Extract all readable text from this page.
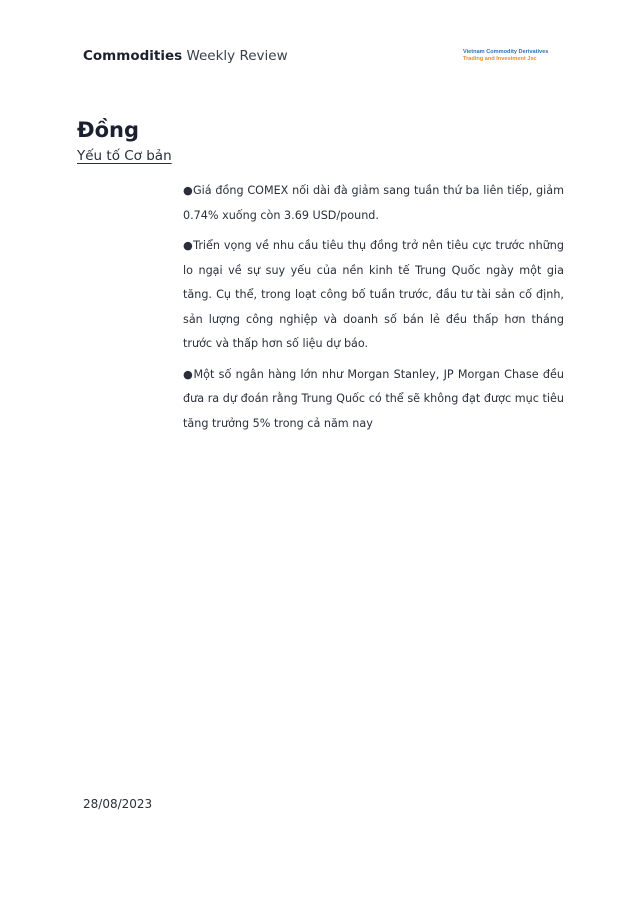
Commodities Weekly Review	Vietnam Commodity Derivatives
Trading and Investment Jsc
Đồng
Yếu tố Cơ bản

●Giá đồng COMEX nối dài đà giảm sang tuần thứ ba liên tiếp, giảm 0.74% xuống còn 3.69 USD/pound.

●Triển vọng về nhu cầu tiêu thụ đồng trở nên tiêu cực trước những lo ngại về sự suy yếu của nền kinh tế Trung Quốc ngày một gia tăng. Cụ thể, trong loạt công bố tuần trước, đầu tư tài sản cố định, sản lượng công nghiệp và doanh số bán lẻ đều thấp hơn tháng trước và thấp hơn số liệu dự báo.

●Một số ngân hàng lớn như Morgan Stanley, JP Morgan Chase đều đưa ra dự đoán rằng Trung Quốc có thể sẽ không đạt được mục tiêu tăng trưởng 5% trong cả năm nay

28/08/2023
